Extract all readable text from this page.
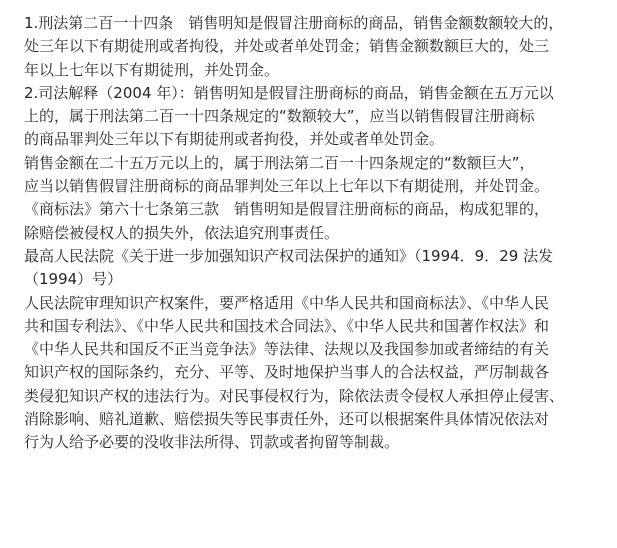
1.刑法第二百一十四条　销售明知是假冒注册商标的商品，销售金额数额较大的，
处三年以下有期徒刑或者拘役，并处或者单处罚金；销售金额数额巨大的，处三
年以上七年以下有期徒刑，并处罚金。
2.司法解释（2004 年）：销售明知是假冒注册商标的商品，销售金额在五万元以
上的，属于刑法第二百一十四条规定的“数额较大”，应当以销售假冒注册商标
的商品罪判处三年以下有期徒刑或者拘役，并处或者单处罚金。
销售金额在二十五万元以上的，属于刑法第二百一十四条规定的“数额巨大”，
应当以销售假冒注册商标的商品罪判处三年以上七年以下有期徒刑，并处罚金。
《商标法》第六十七条第三款　销售明知是假冒注册商标的商品，构成犯罪的，
除赔偿被侵权人的损失外，依法追究刑事责任。
最高人民法院《关于进一步加强知识产权司法保护的通知》（1994．9．29 法发
（1994）号）
人民法院审理知识产权案件，要严格适用《中华人民共和国商标法》、《中华人民
共和国专利法》、《中华人民共和国技术合同法》、《中华人民共和国著作权法》和
《中华人民共和国反不正当竞争法》等法律、法规以及我国参加或者缔结的有关
知识产权的国际条约，充分、平等、及时地保护当事人的合法权益，严厉制裁各
类侵犯知识产权的违法行为。对民事侵权行为，除依法责令侵权人承担停止侵害、
消除影响、赔礼道歉、赔偿损失等民事责任外，还可以根据案件具体情况依法对
行为人给予必要的没收非法所得、罚款或者拘留等制裁。
